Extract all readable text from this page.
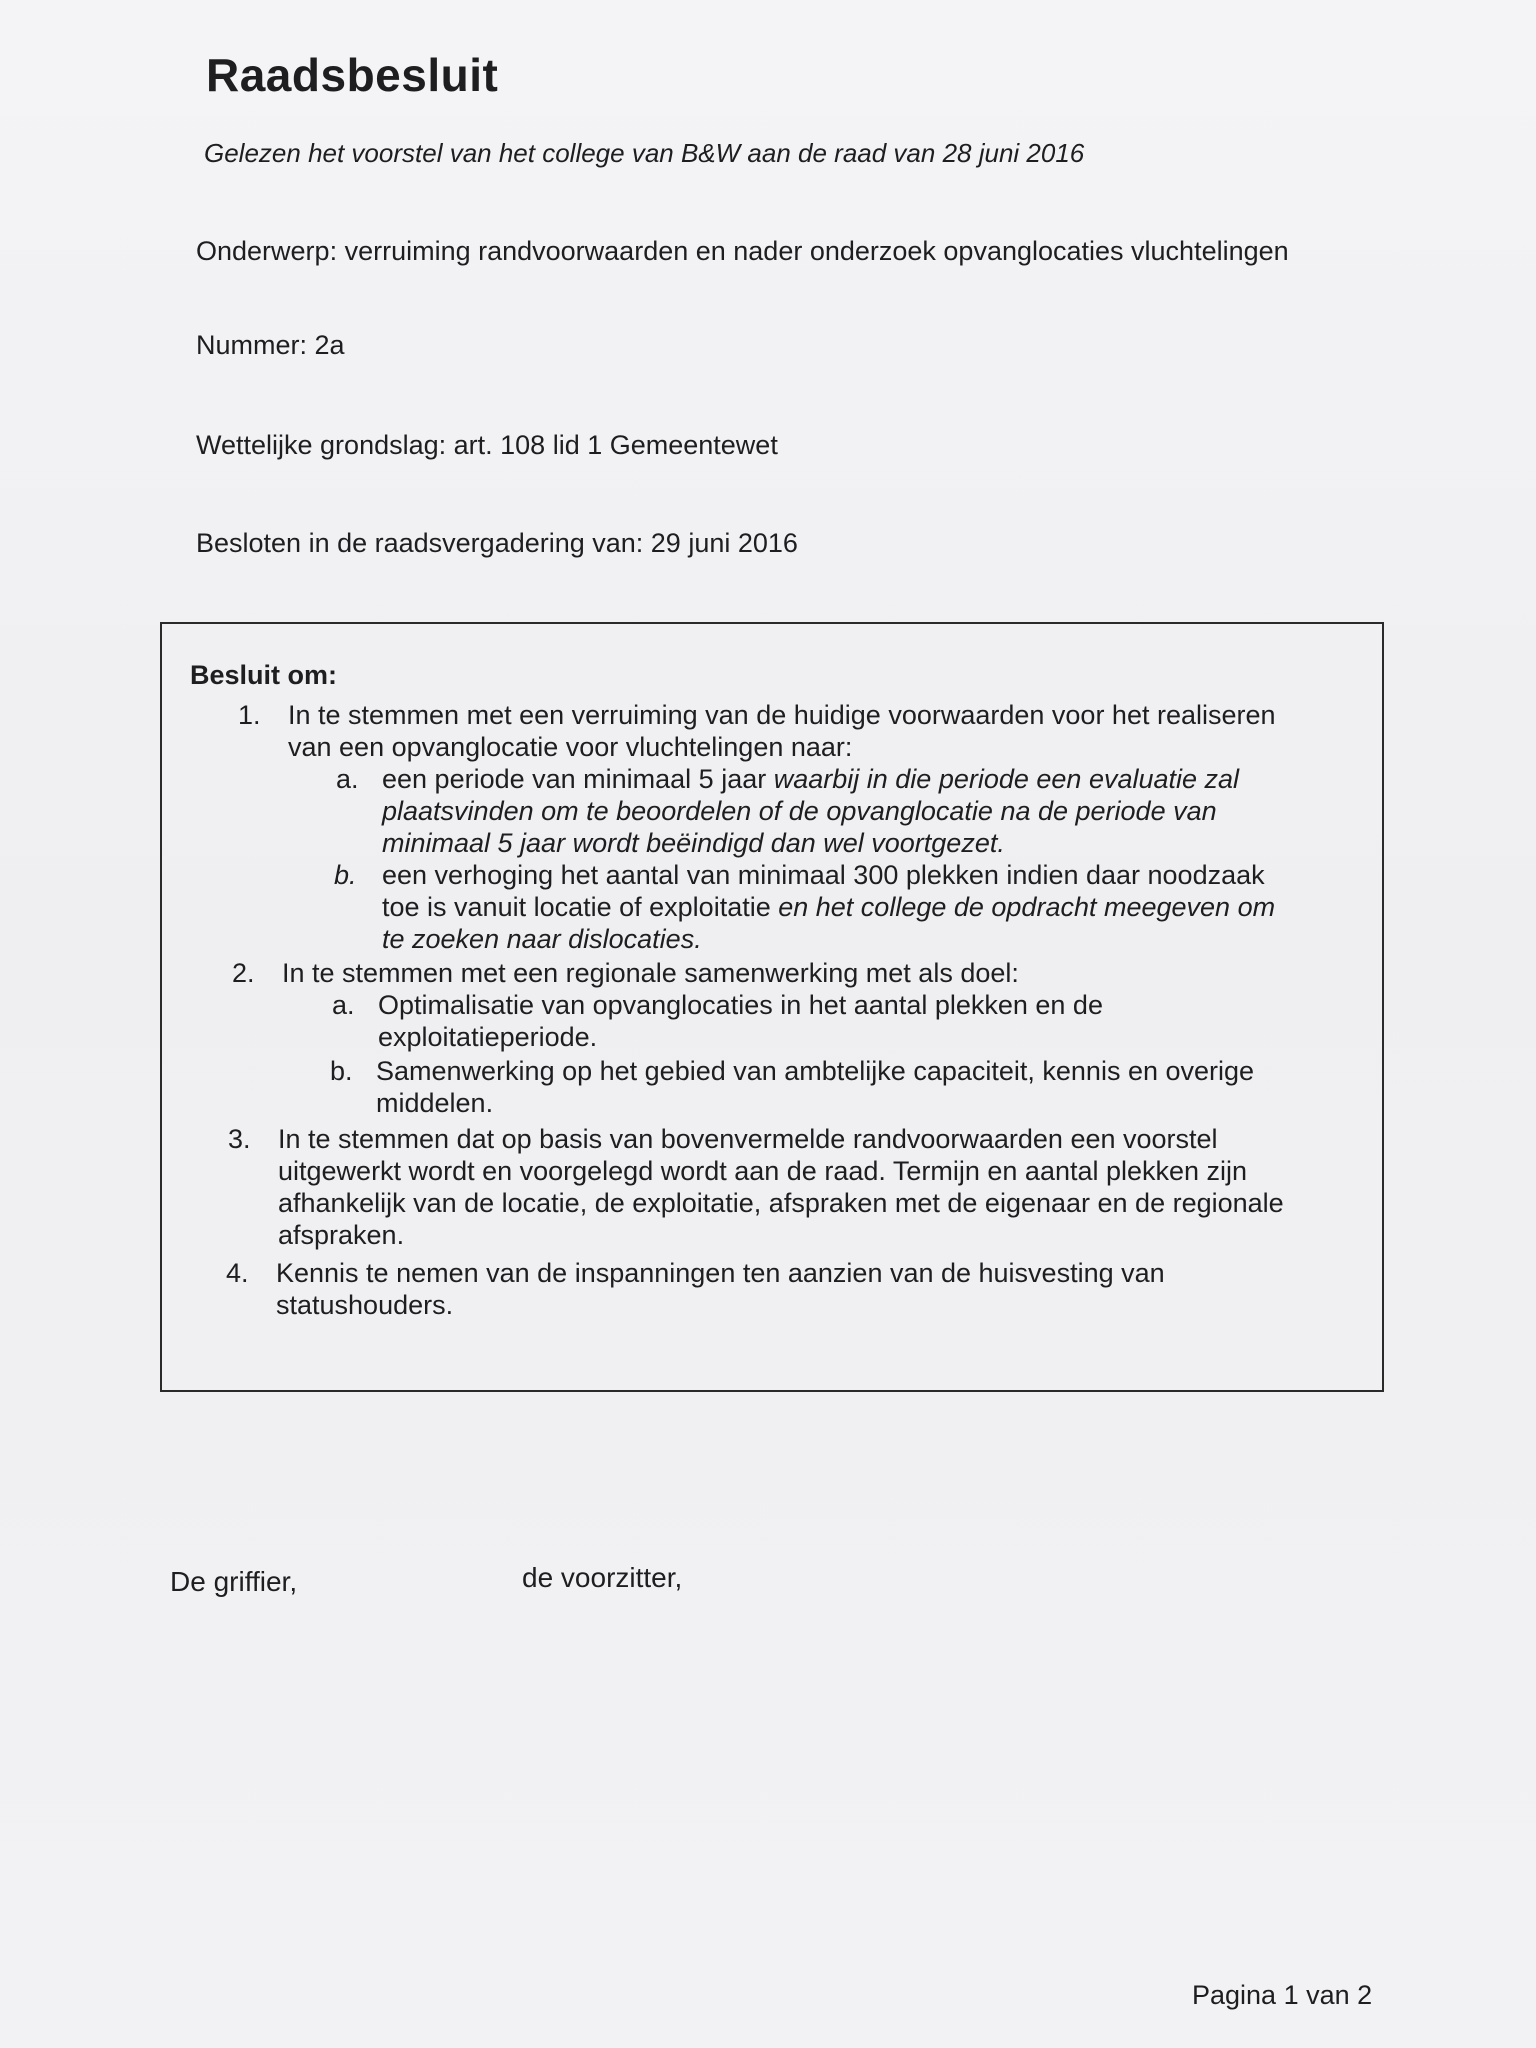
Raadsbesluit
Gelezen het voorstel van het college van B&W aan de raad van 28 juni 2016
Onderwerp: verruiming randvoorwaarden en nader onderzoek opvanglocaties vluchtelingen
Nummer: 2a
Wettelijke grondslag: art. 108 lid 1 Gemeentewet
Besloten in de raadsvergadering van: 29 juni 2016
Besluit om:
1. In te stemmen met een verruiming van de huidige voorwaarden voor het realiseren
van een opvanglocatie voor vluchtelingen naar:
a. een periode van minimaal 5 jaar waarbij in die periode een evaluatie zal
plaatsvinden om te beoordelen of de opvanglocatie na de periode van
minimaal 5 jaar wordt beëindigd dan wel voortgezet.
b. een verhoging het aantal van minimaal 300 plekken indien daar noodzaak
toe is vanuit locatie of exploitatie en het college de opdracht meegeven om
te zoeken naar dislocaties.
2. In te stemmen met een regionale samenwerking met als doel:
a. Optimalisatie van opvanglocaties in het aantal plekken en de
exploitatieperiode.
b. Samenwerking op het gebied van ambtelijke capaciteit, kennis en overige
middelen.
3. In te stemmen dat op basis van bovenvermelde randvoorwaarden een voorstel
uitgewerkt wordt en voorgelegd wordt aan de raad. Termijn en aantal plekken zijn
afhankelijk van de locatie, de exploitatie, afspraken met de eigenaar en de regionale
afspraken.
4. Kennis te nemen van de inspanningen ten aanzien van de huisvesting van
statushouders.
De griffier,	de voorzitter,
Pagina 1 van 2
